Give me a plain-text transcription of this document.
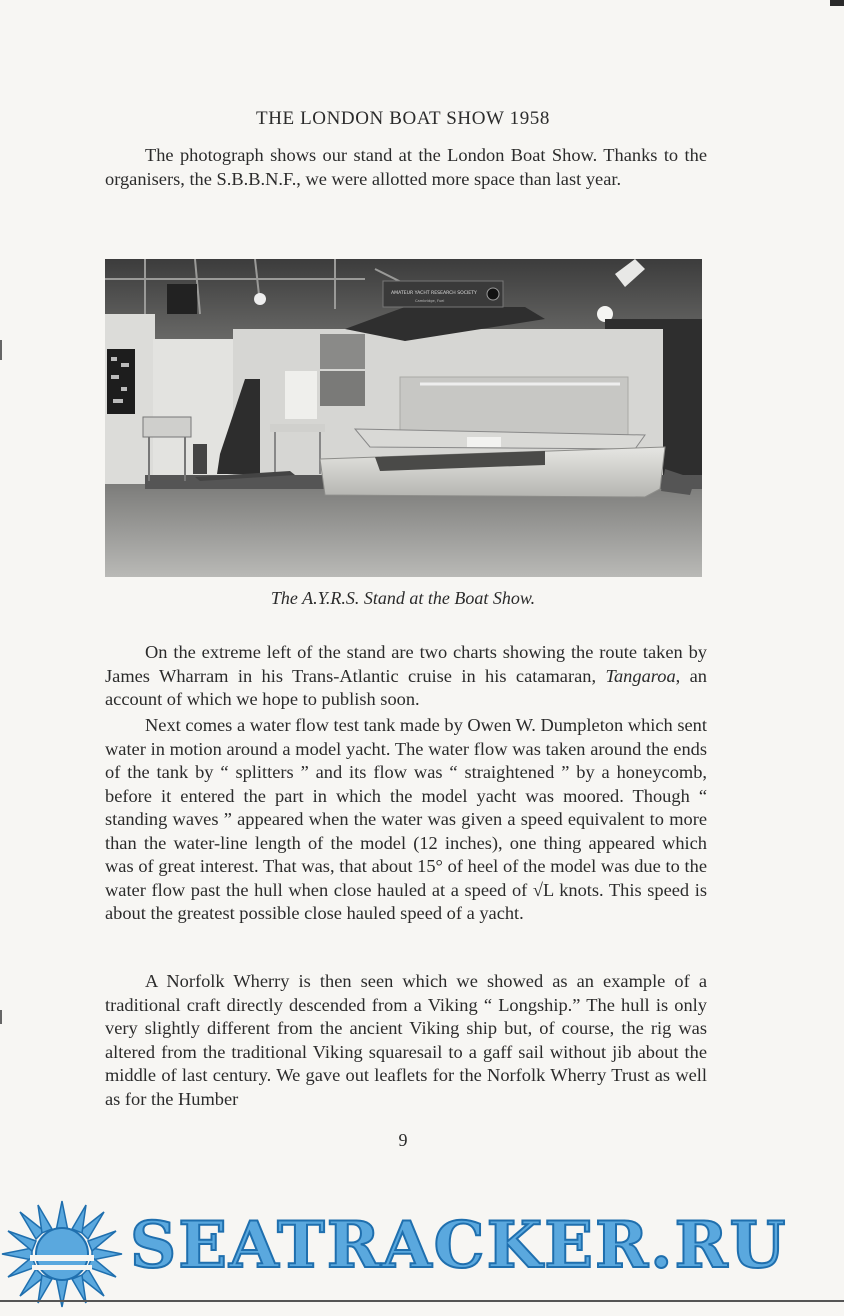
THE LONDON BOAT SHOW 1958

The photograph shows our stand at the London Boat Show. Thanks to the organisers, the S.B.B.N.F., we were allotted more space than last year.

AMATEUR YACHT RESEARCH SOCIETY
Cambridge, Fuel
The A.Y.R.S. Stand at the Boat Show.

On the extreme left of the stand are two charts showing the route taken by James Wharram in his Trans-Atlantic cruise in his catamaran, Tangaroa, an account of which we hope to publish soon.

Next comes a water flow test tank made by Owen W. Dumpleton which sent water in motion around a model yacht. The water flow was taken around the ends of the tank by “ splitters ” and its flow was “ straightened ” by a honeycomb, before it entered the part in which the model yacht was moored. Though “ standing waves ” appeared when the water was given a speed equivalent to more than the water-line length of the model (12 inches), one thing appeared which was of great interest. That was, that about 15° of heel of the model was due to the water flow past the hull when close hauled at a speed of √L knots. This speed is about the greatest possible close hauled speed of a yacht.

A Norfolk Wherry is then seen which we showed as an example of a traditional craft directly descended from a Viking “ Longship.” The hull is only very slightly different from the ancient Viking ship but, of course, the rig was altered from the traditional Viking squaresail to a gaff sail without jib about the middle of last century. We gave out leaflets for the Norfolk Wherry Trust as well as for the Humber

9
SEATRACKER.RU
